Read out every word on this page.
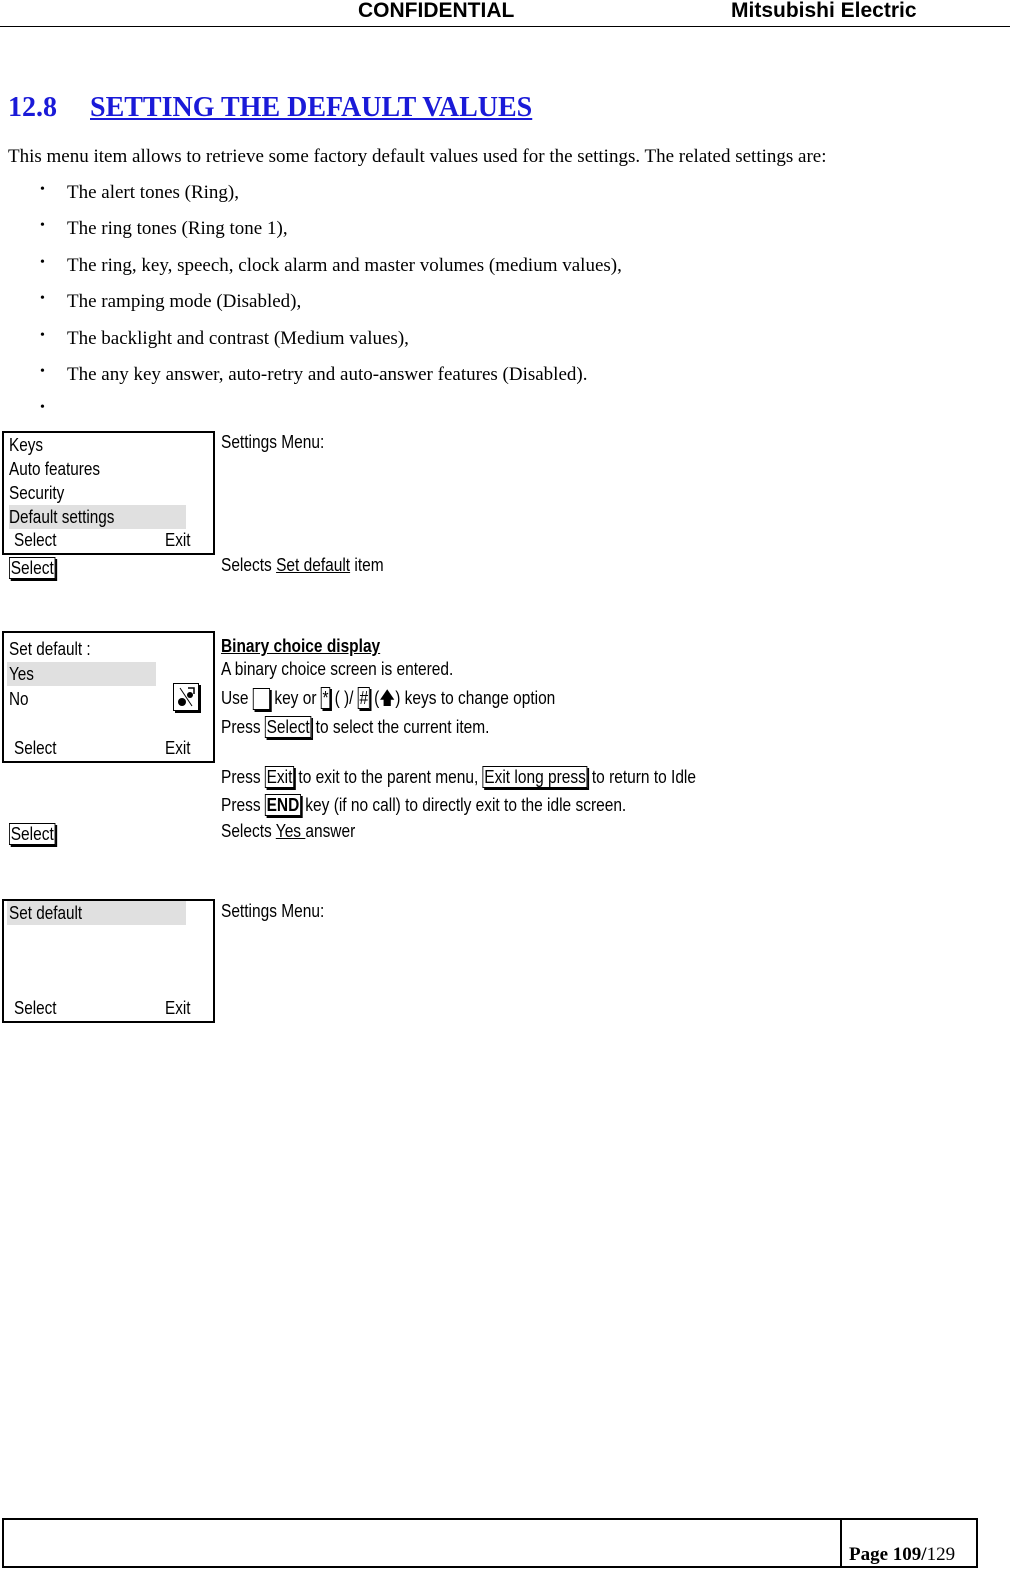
CONFIDENTIAL	Mitsubishi Electric
12.8 SETTING THE DEFAULT VALUES

This menu item allows to retrieve some factory default values used for the settings. The related settings are:

• The alert tones (Ring),
• The ring tones (Ring tone 1),
• The ring, key, speech, clock alarm and master volumes (medium values),
• The ramping mode (Disabled),
• The backlight and contrast (Medium values),
• The any key answer, auto-retry and auto-answer features (Disabled).
•
Keys
Auto features
Security
Default settings
Select	Exit
Settings Menu:
Select	Selects Set default item
Set default :
Yes
No
Select	Exit
Binary choice display
A binary choice screen is entered.
Use  key or * ( )/ # (🡅) keys to change option
Press Select to select the current item.
Press Exit to exit to the parent menu, Exit long press to return to Idle
Press END key (if no call) to directly exit to the idle screen.
Select	Selects Yes answer
Set default
Select	Exit
Settings Menu:
Page 109/129
